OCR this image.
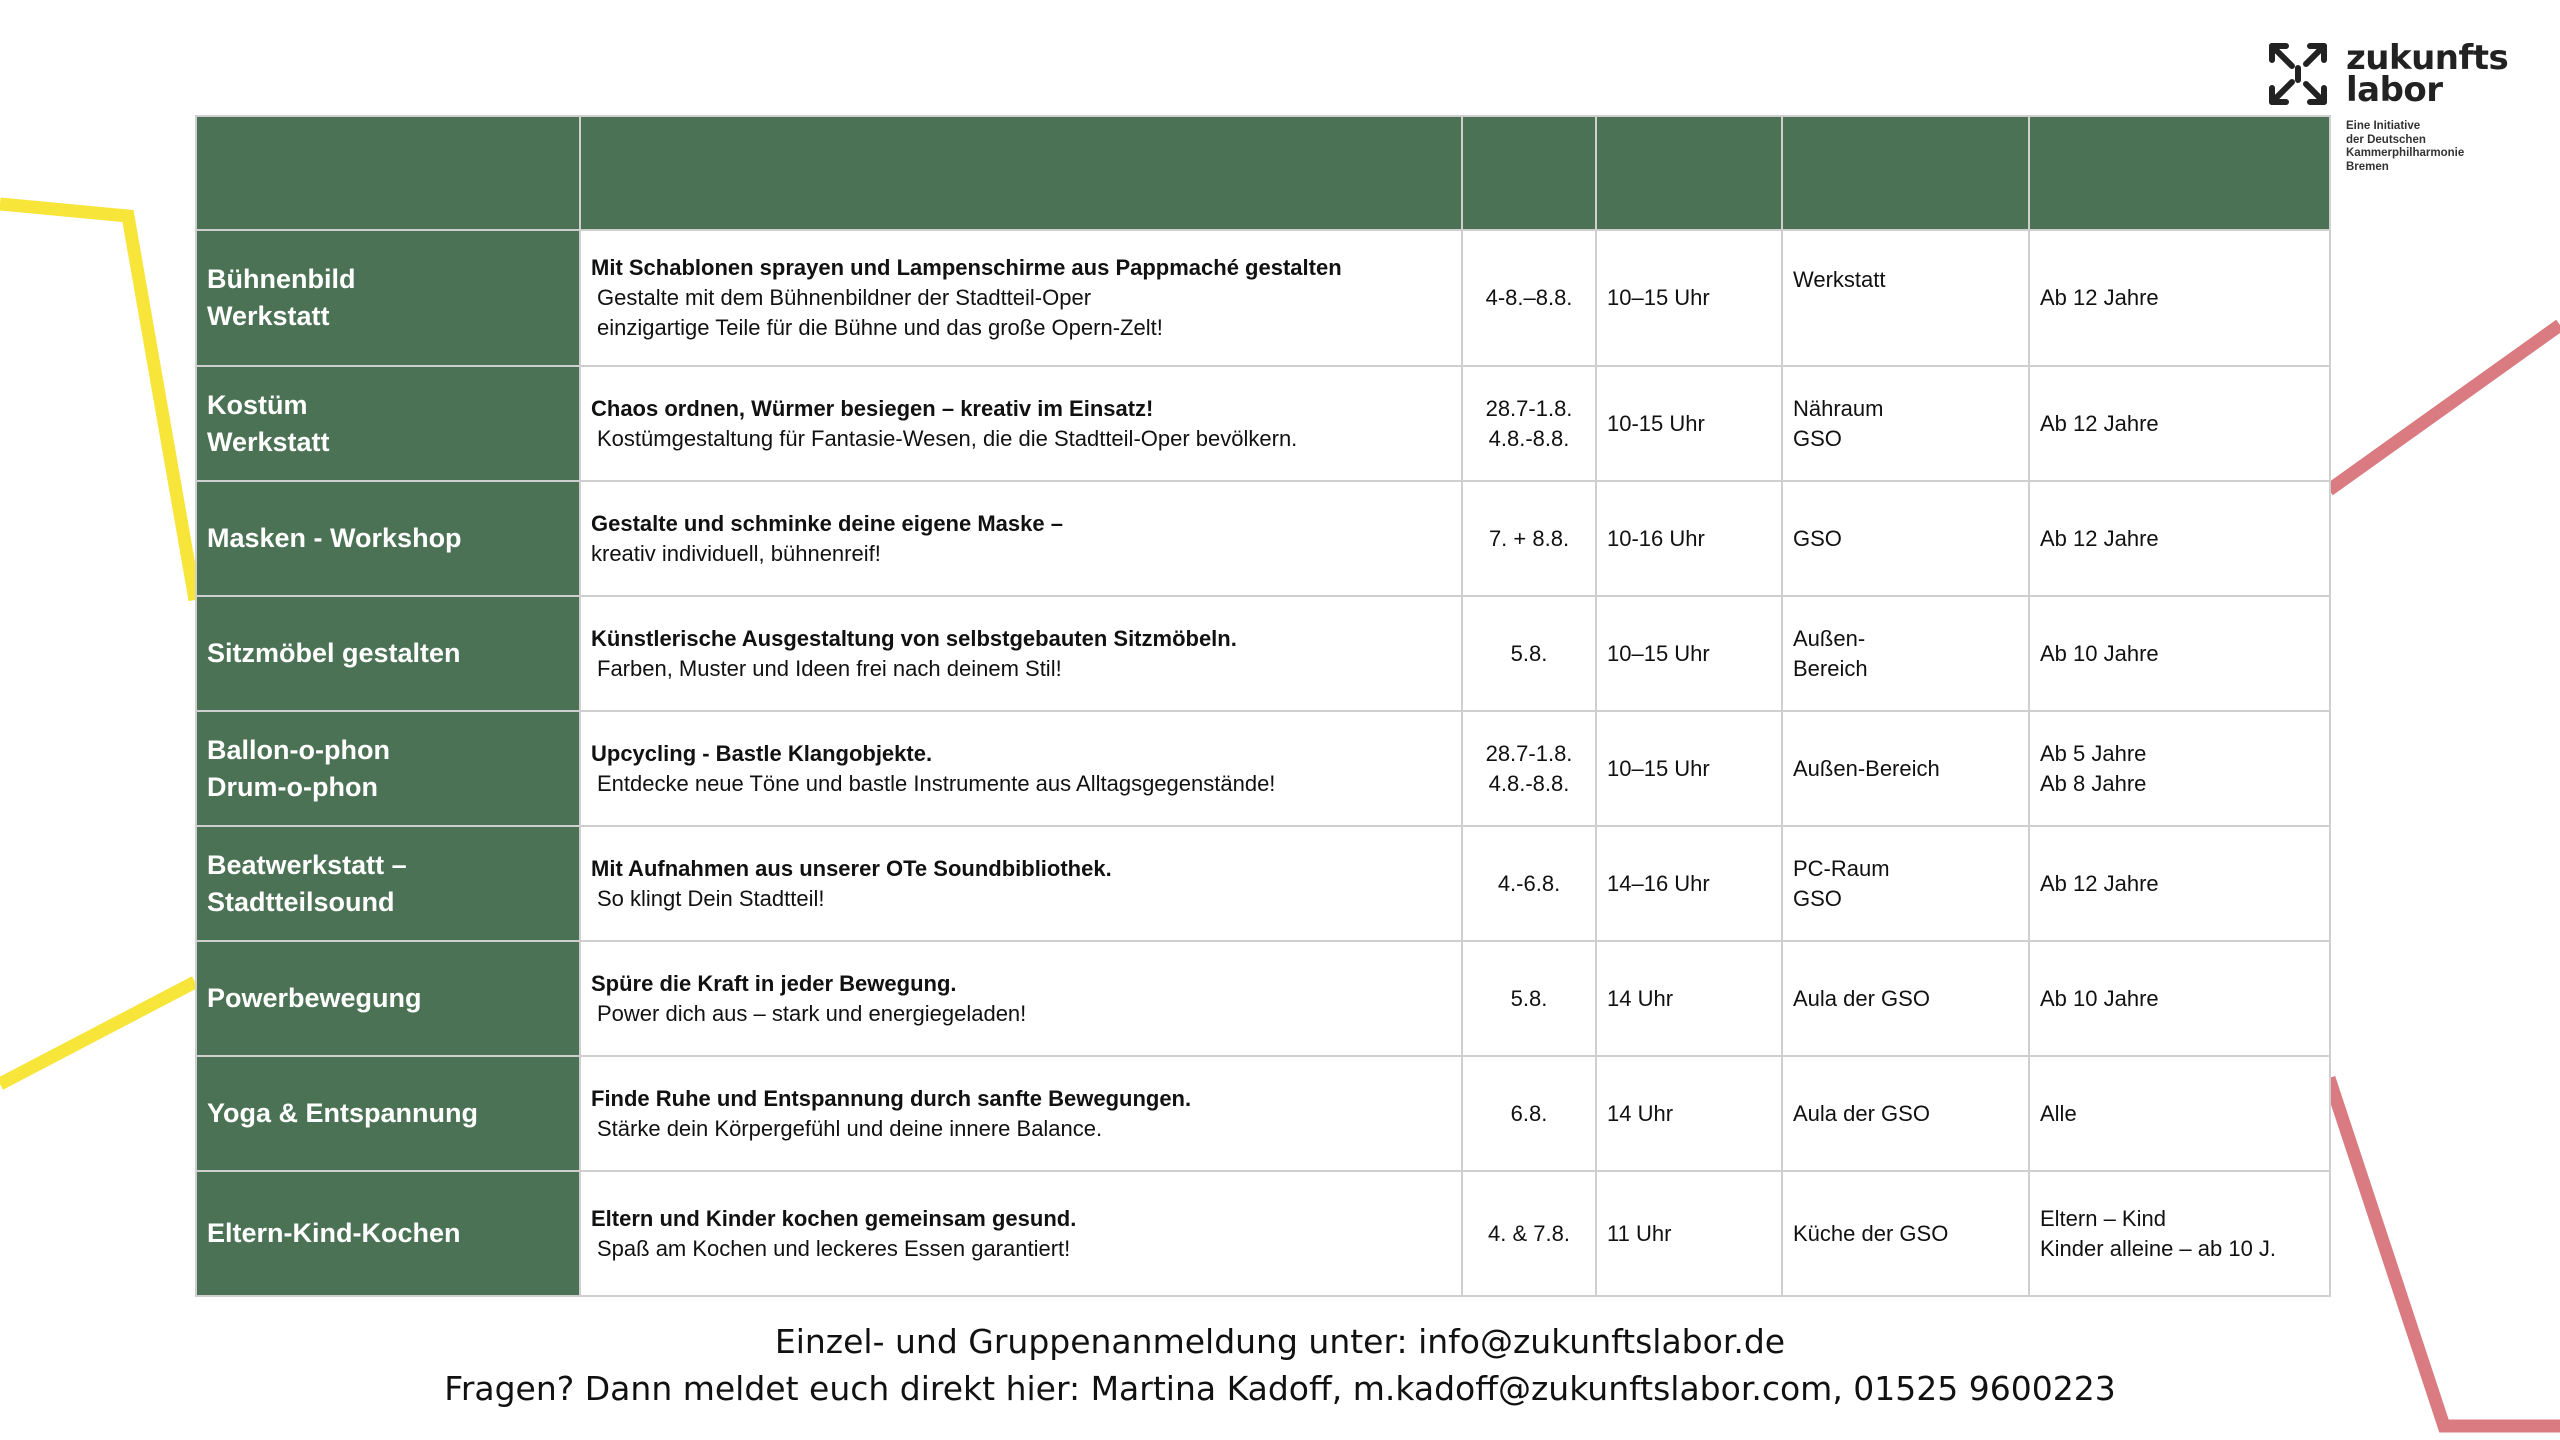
zukunfts
labor
Eine Initiative
der Deutschen
Kammerphilharmonie
Bremen

Bühnenbild
Werkstatt	Mit Schablonen sprayen und Lampenschirme aus Pappmaché gestalten
Gestalte mit dem Bühnenbildner der Stadtteil-Oper
einzigartige Teile für die Bühne und das große Opern-Zelt!	4-8.–8.8.	10–15 Uhr	Werkstatt	Ab 12 Jahre

Kostüm
Werkstatt	Chaos ordnen, Würmer besiegen – kreativ im Einsatz!
Kostümgestaltung für Fantasie-Wesen, die die Stadtteil-Oper bevölkern.	28.7-1.8.
4.8.-8.8.	10-15 Uhr	Nähraum
GSO	Ab 12 Jahre

Masken - Workshop	Gestalte und schminke deine eigene Maske –
kreativ individuell, bühnenreif!	7. + 8.8.	10-16 Uhr	GSO	Ab 12 Jahre

Sitzmöbel gestalten	Künstlerische Ausgestaltung von selbstgebauten Sitzmöbeln.
Farben, Muster und Ideen frei nach deinem Stil!	5.8.	10–15 Uhr	Außen-
Bereich	Ab 10 Jahre

Ballon-o-phon
Drum-o-phon	Upcycling - Bastle Klangobjekte.
Entdecke neue Töne und bastle Instrumente aus Alltagsgegenstände!	28.7-1.8.
4.8.-8.8.	10–15 Uhr	Außen-Bereich	Ab 5 Jahre
Ab 8 Jahre

Beatwerkstatt –
Stadtteilsound	Mit Aufnahmen aus unserer OTe Soundbibliothek.
So klingt Dein Stadtteil!	4.-6.8.	14–16 Uhr	PC-Raum
GSO	Ab 12 Jahre

Powerbewegung	Spüre die Kraft in jeder Bewegung.
Power dich aus – stark und energiegeladen!	5.8.	14 Uhr	Aula der GSO	Ab 10 Jahre

Yoga & Entspannung	Finde Ruhe und Entspannung durch sanfte Bewegungen.
Stärke dein Körpergefühl und deine innere Balance.	6.8.	14 Uhr	Aula der GSO	Alle

Eltern-Kind-Kochen	Eltern und Kinder kochen gemeinsam gesund.
Spaß am Kochen und leckeres Essen garantiert!	4. & 7.8.	11 Uhr	Küche der GSO	Eltern – Kind
Kinder alleine – ab 10 J.
Einzel- und Gruppenanmeldung unter: info@zukunftslabor.de
Fragen? Dann meldet euch direkt hier: Martina Kadoff, m.kadoff@zukunftslabor.com, 01525 9600223
